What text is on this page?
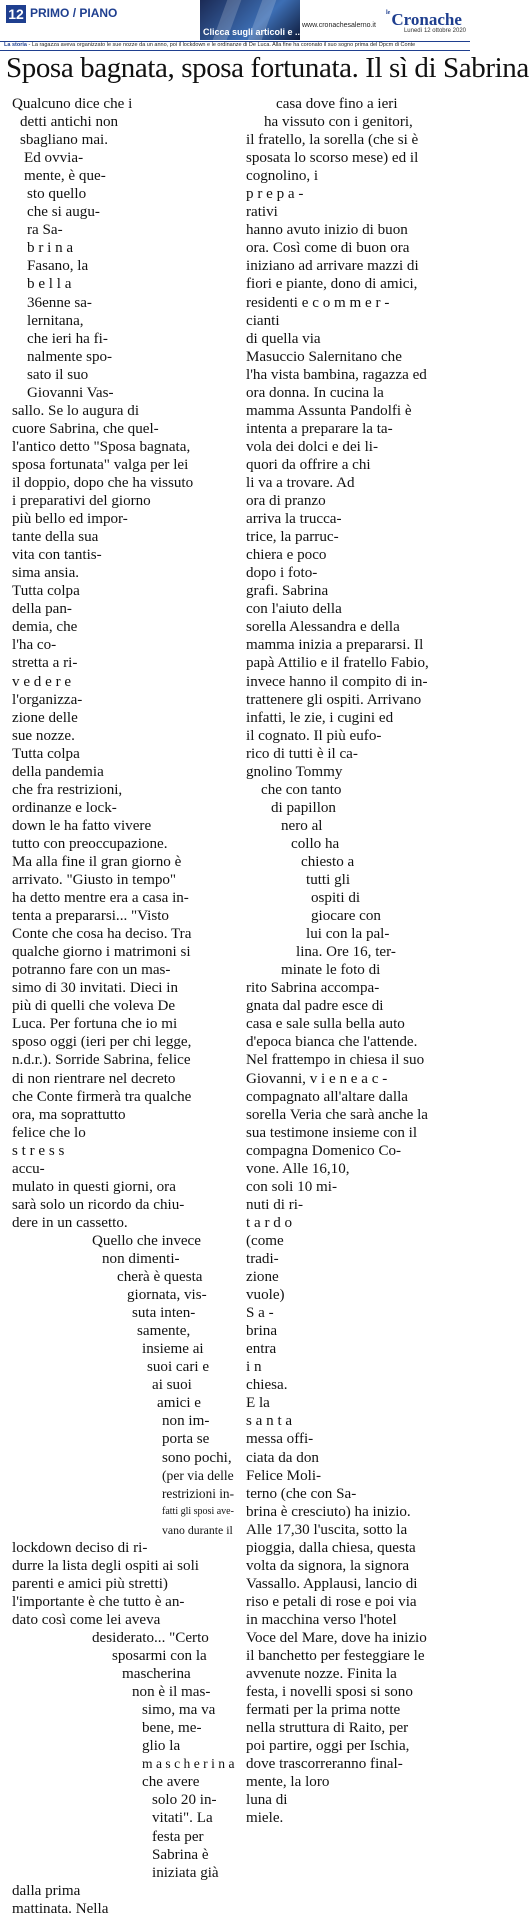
12 PRIMO / PIANO
Clicca sugli articoli e ...
www.cronachesalerno.it
$^{le}$Cronache
Lunedì 12 ottobre 2020
La storia - La ragazza aveva organizzato le sue nozze da un anno, poi il lockdown e le ordinanze di De Luca. Alla fine ha coronato il suo sogno prima del Dpcm di Conte
Sposa bagnata, sposa fortunata. Il sì di Sabrina
Qualcuno dice che i
detti antichi non
sbagliano mai.
Ed ovvia-
mente, è que-
sto quello
che si augu-
ra Sa-
b r i n a
Fasano, la
b e l l a
36enne sa-
lernitana,
che ieri ha fi-
nalmente spo-
sato il suo
Giovanni Vas-
sallo. Se lo augura di
cuore Sabrina, che quel-
l'antico detto "Sposa bagnata,
sposa fortunata" valga per lei
il doppio, dopo che ha vissuto
i preparativi del giorno
più bello ed impor-
tante della sua
vita con tantis-
sima ansia.
Tutta colpa
della pan-
demia, che
l'ha co-
stretta a ri-
v e d e r e
l'organizza-
zione delle
sue nozze.
Tutta colpa
della pandemia
che fra restrizioni,
ordinanze e lock-
down le ha fatto vivere
tutto con preoccupazione.
Ma alla fine il gran giorno è
arrivato. "Giusto in tempo"
ha detto mentre era a casa in-
tenta a prepararsi... "Visto
Conte che cosa ha deciso. Tra
qualche giorno i matrimoni si
potranno fare con un mas-
simo di 30 invitati. Dieci in
più di quelli che voleva De
Luca. Per fortuna che io mi
sposo oggi (ieri per chi legge,
n.d.r.). Sorride Sabrina, felice
di non rientrare nel decreto
che Conte firmerà tra qualche
ora, ma soprattutto
felice che lo
s t r e s s
accu-
mulato in questi giorni, ora
sarà solo un ricordo da chiu-
dere in un cassetto.
Quello che invece
non dimenti-
cherà è questa
giornata, vis-
suta inten-
samente,
insieme ai
suoi cari e
ai suoi
amici e
non im-
porta se
sono pochi,
(per via delle
restrizioni in-
fatti gli sposi ave-
vano durante il
lockdown deciso di ri-
durre la lista degli ospiti ai soli
parenti e amici più stretti)
l'importante è che tutto è an-
dato così come lei aveva
desiderato... "Certo
sposarmi con la
mascherina
non è il mas-
simo, ma va
bene, me-
glio la
m a s c h e r i n a
che avere
solo 20 in-
vitati". La
festa per
Sabrina è
iniziata già
dalla prima
mattinata. Nella
casa dove fino a ieri
ha vissuto con i genitori,
il fratello, la sorella (che si è
sposata lo scorso mese) ed il
cognolino, i
p r e p a -
rativi
hanno avuto inizio di buon
ora. Così come di buon ora
iniziano ad arrivare mazzi di
fiori e piante, dono di amici,
residenti e c o m m e r -
cianti
di quella via
Masuccio Salernitano che
l'ha vista bambina, ragazza ed
ora donna. In cucina la
mamma Assunta Pandolfi è
intenta a preparare la ta-
vola dei dolci e dei li-
quori da offrire a chi
li va a trovare. Ad
ora di pranzo
arriva la trucca-
trice, la parruc-
chiera e poco
dopo i foto-
grafi. Sabrina
con l'aiuto della
sorella Alessandra e della
mamma inizia a prepararsi. Il
papà Attilio e il fratello Fabio,
invece hanno il compito di in-
trattenere gli ospiti. Arrivano
infatti, le zie, i cugini ed
il cognato. Il più eufo-
rico di tutti è il ca-
gnolino Tommy
che con tanto
di papillon
nero al
collo ha
chiesto a
tutti gli
ospiti di
giocare con
lui con la pal-
lina. Ore 16, ter-
minate le foto di
rito Sabrina accompa-
gnata dal padre esce di
casa e sale sulla bella auto
d'epoca bianca che l'attende.
Nel frattempo in chiesa il suo
Giovanni, v i e n e a c -
compagnato all'altare dalla
sorella Veria che sarà anche la
sua testimone insieme con il
compagna Domenico Co-
vone. Alle 16,10,
con soli 10 mi-
nuti di ri-
t a r d o
(come
tradi-
zione
vuole)
S a -
brina
entra
i n
chiesa.
E la
s a n t a
messa offi-
ciata da don
Felice Moli-
terno (che con Sa-
brina è cresciuto) ha inizio.
Alle 17,30 l'uscita, sotto la
pioggia, dalla chiesa, questa
volta da signora, la signora
Vassallo. Applausi, lancio di
riso e petali di rose e poi via
in macchina verso l'hotel
Voce del Mare, dove ha inizio
il banchetto per festeggiare le
avvenute nozze. Finita la
festa, i novelli sposi si sono
fermati per la prima notte
nella struttura di Raito, per
poi partire, oggi per Ischia,
dove trascorreranno final-
mente, la loro
luna di
miele.
